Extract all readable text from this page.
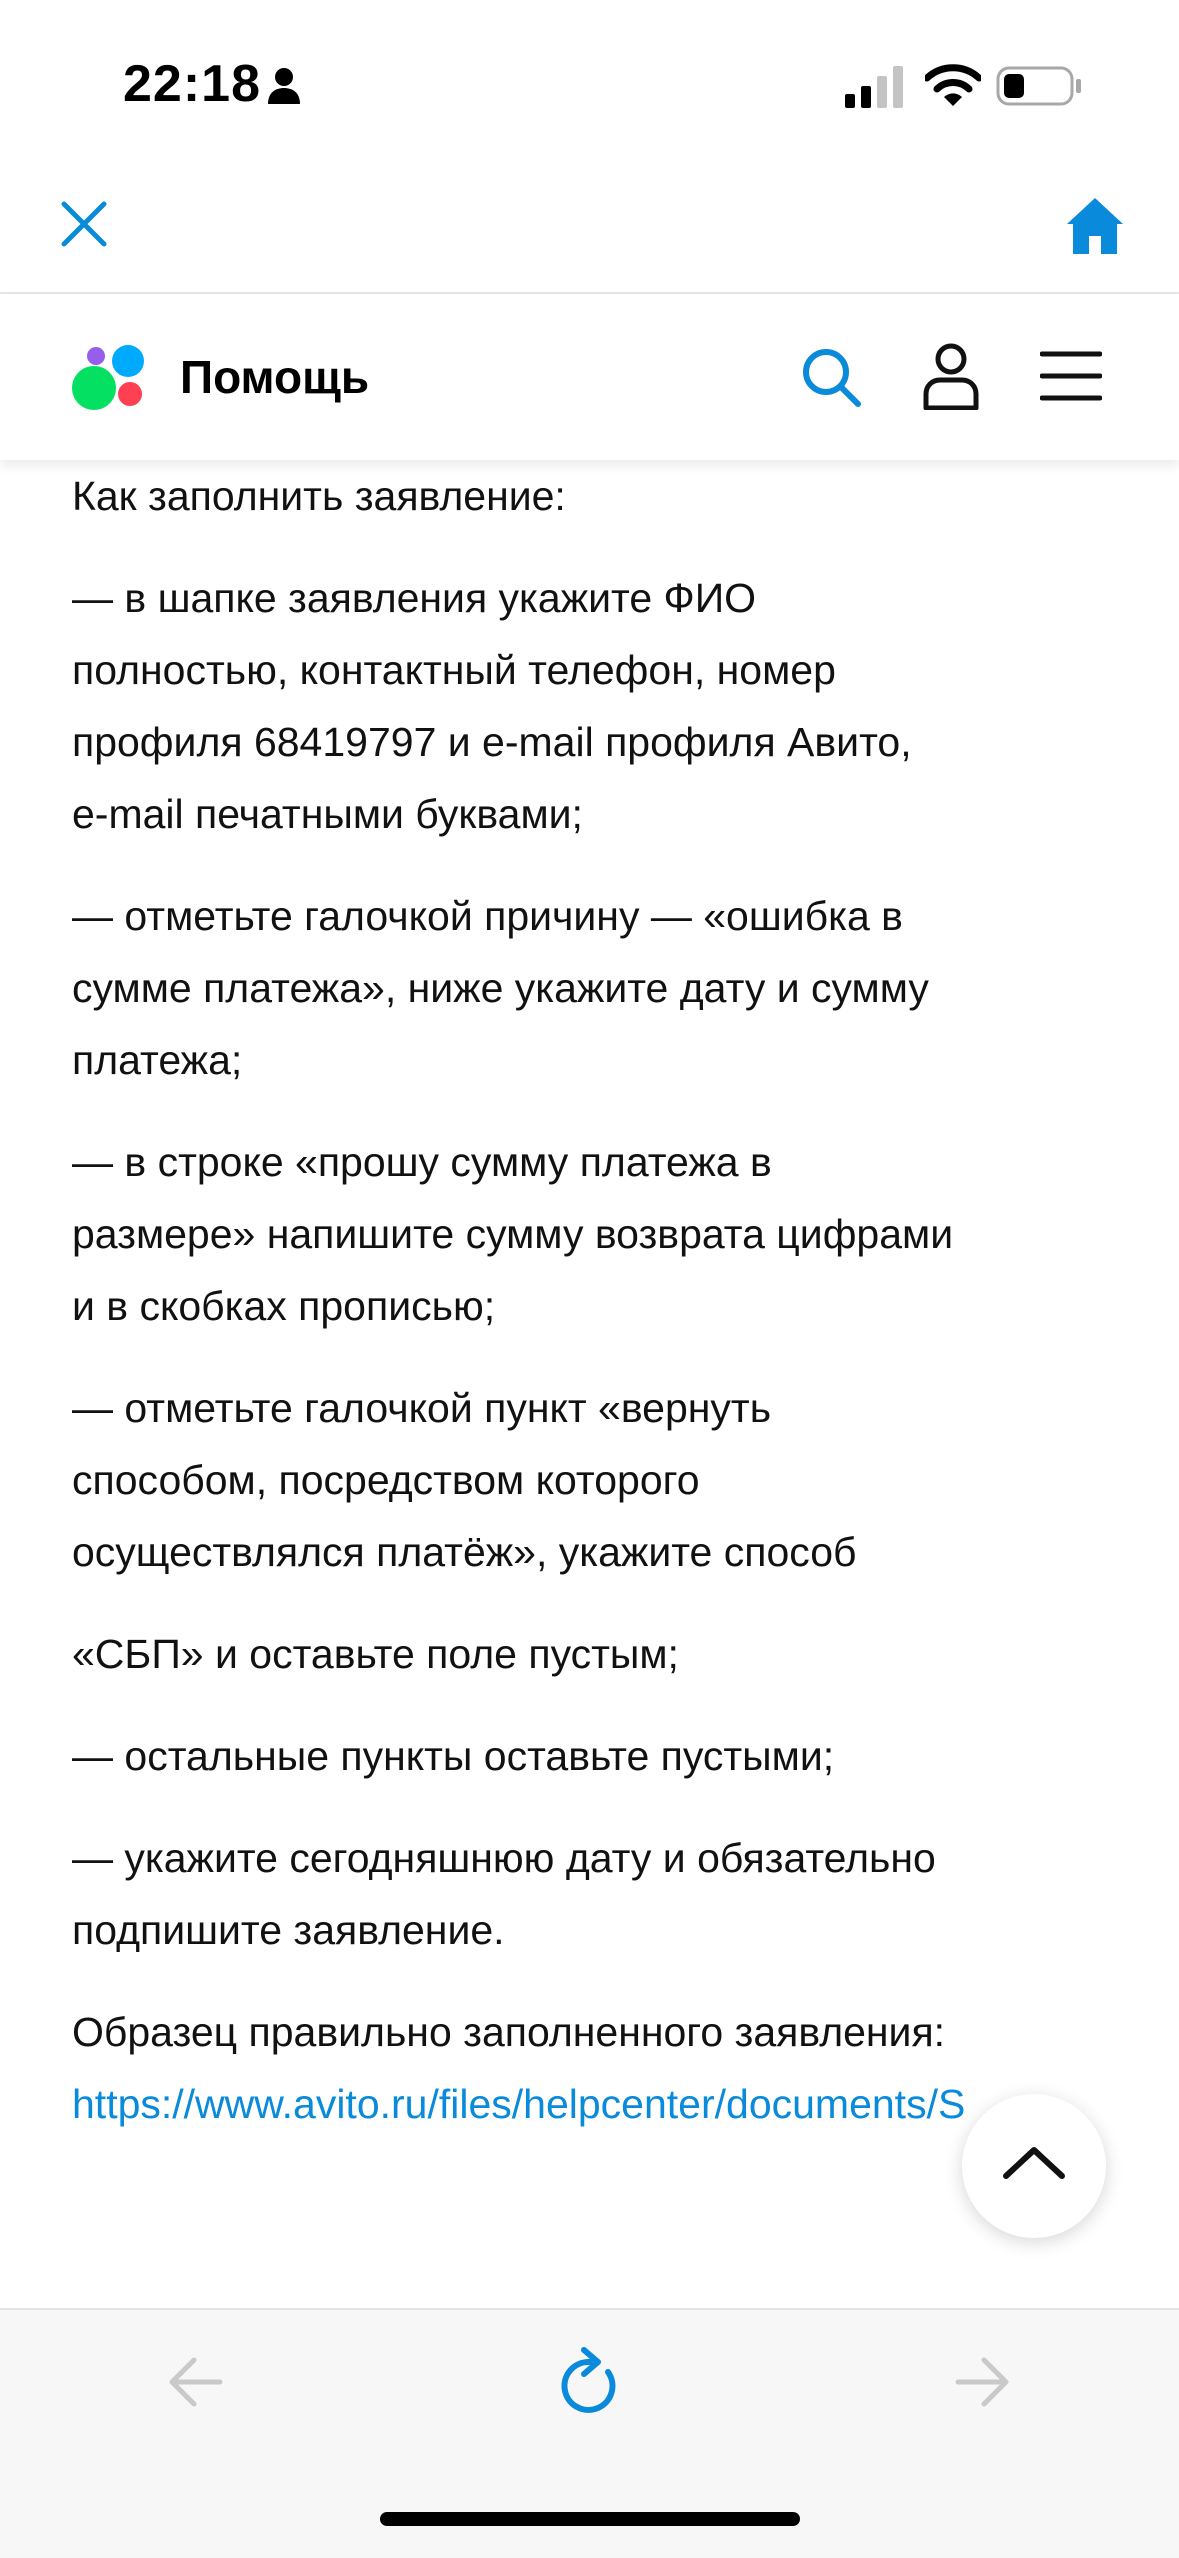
22:18
Помощь

Как заполнить заявление:

— в шапке заявления укажите ФИО
полностью, контактный телефон, номер
профиля 68419797 и e-mail профиля Авито,
e-mail печатными буквами;

— отметьте галочкой причину — «ошибка в
сумме платежа», ниже укажите дату и сумму
платежа;

— в строке «прошу сумму платежа в
размере» напишите сумму возврата цифрами
и в скобках прописью;

— отметьте галочкой пункт «вернуть
способом, посредством которого
осуществлялся платёж», укажите способ

«СБП» и оставьте поле пустым;

— остальные пункты оставьте пустыми;

— укажите сегодняшнюю дату и обязательно
подпишите заявление.

Образец правильно заполненного заявления:
https://www.avito.ru/files/helpcenter/documents/S
